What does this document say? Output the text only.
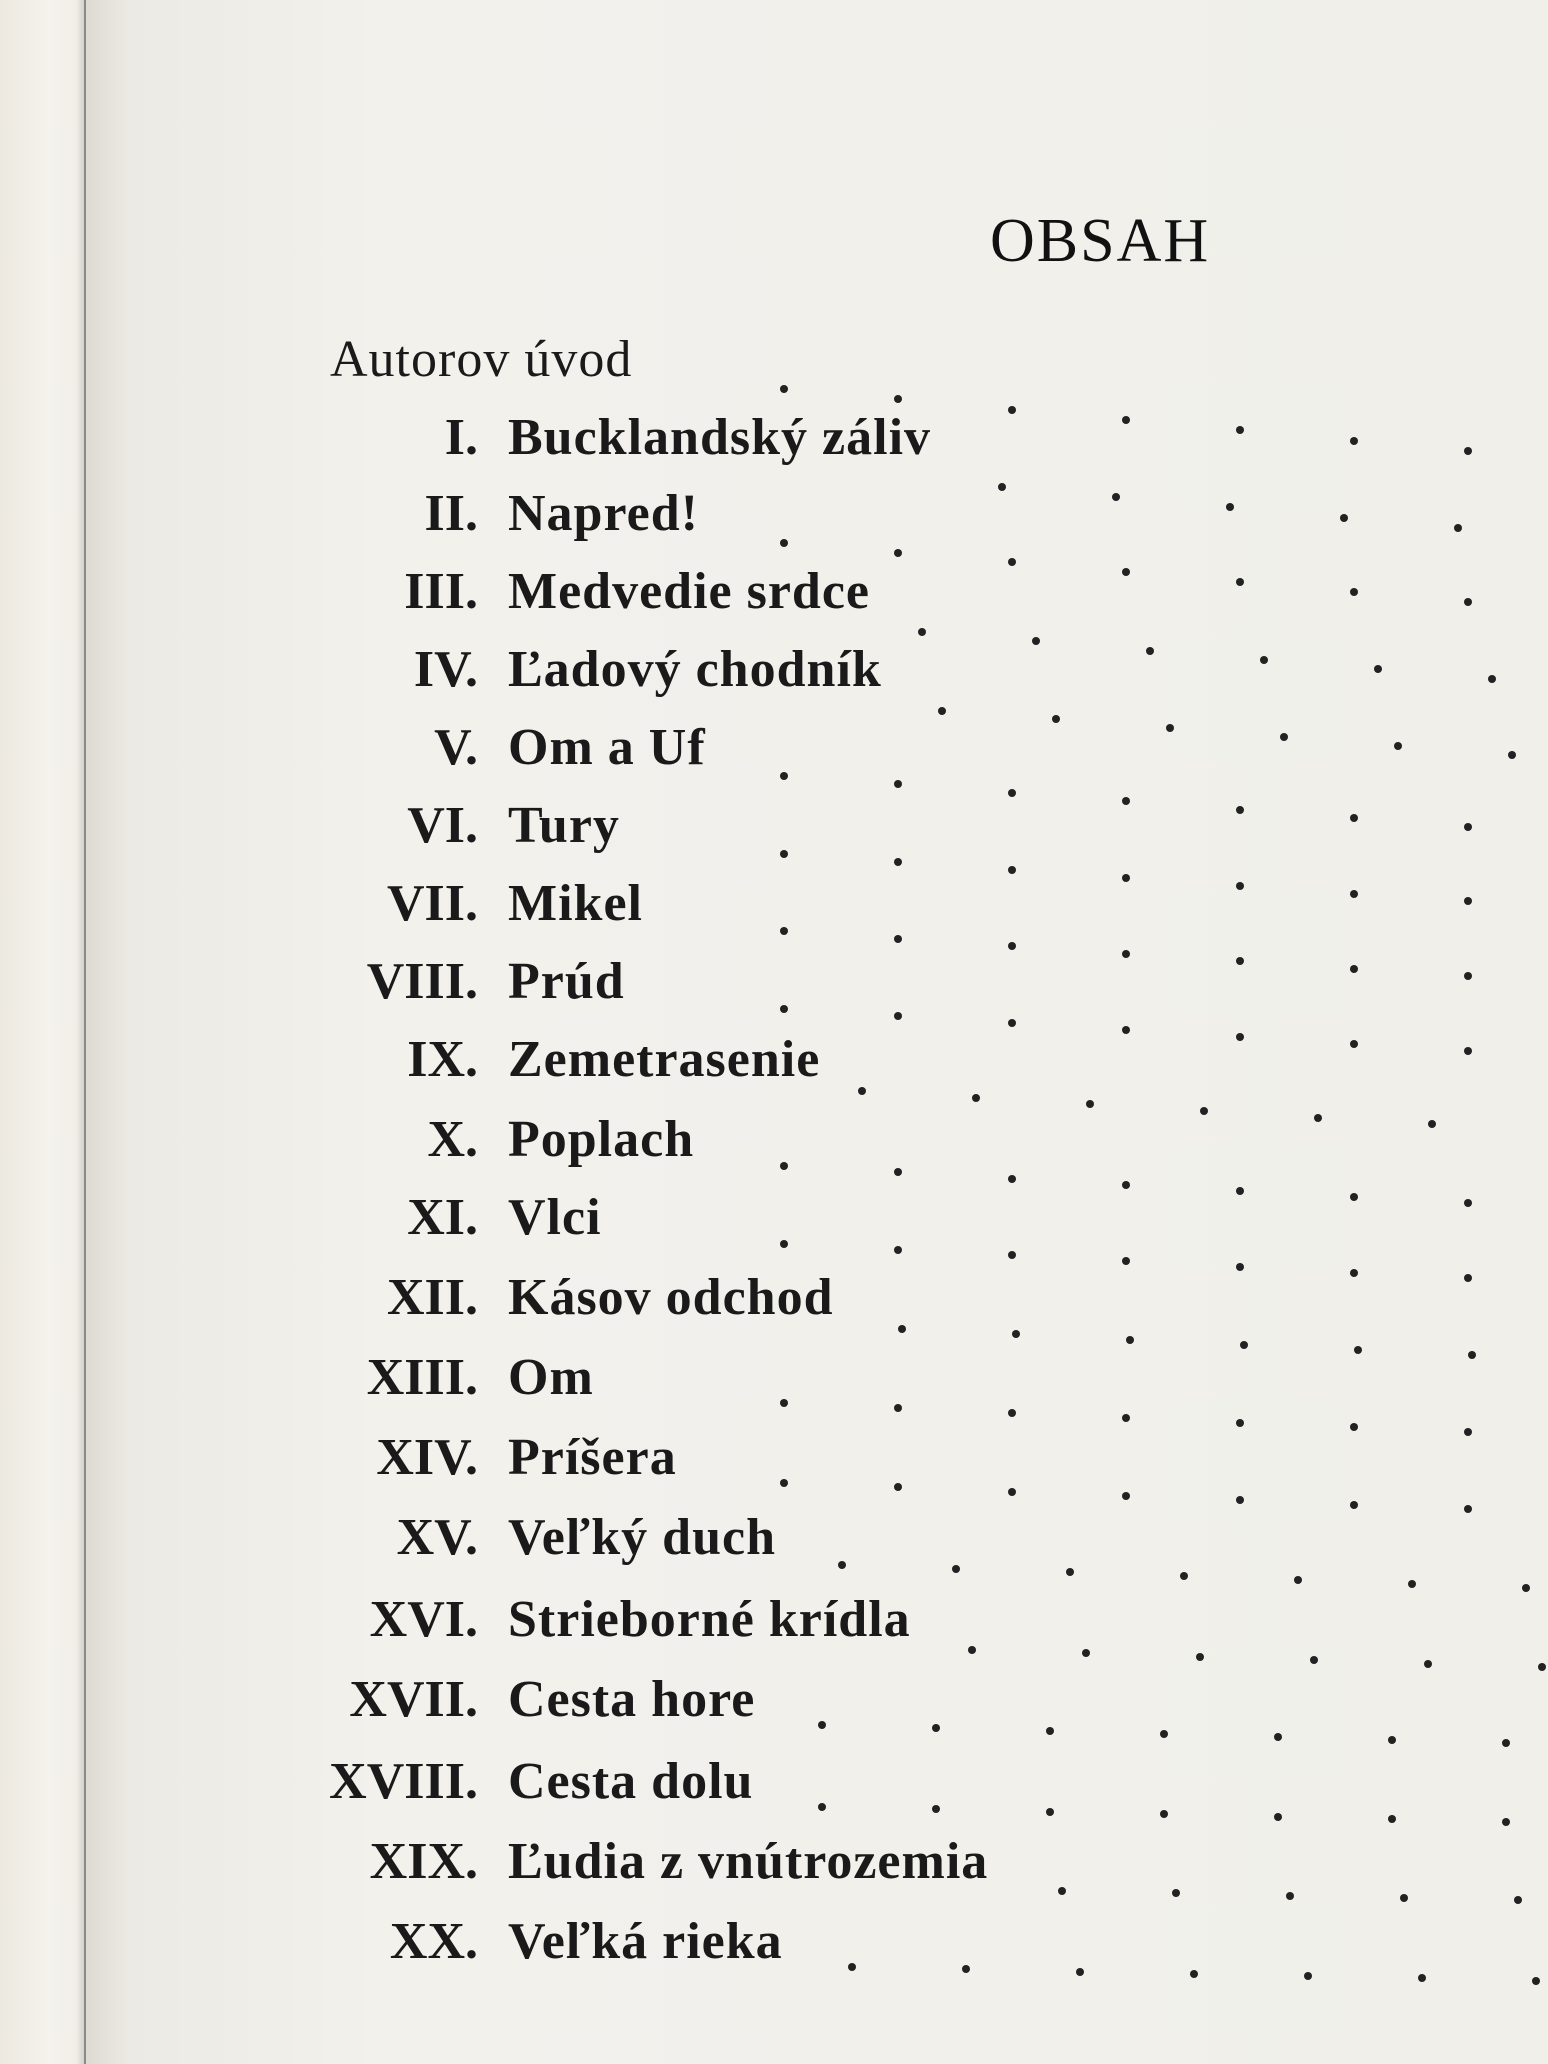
OBSAH
Autorov úvod
I. Bucklandský záliv
II. Napred!
III. Medvedie srdce
IV. Ľadový chodník
V. Om a Uf
VI. Tury
VII. Mikel
VIII. Prúd
IX. Zemetrasenie
X. Poplach
XI. Vlci
XII. Kásov odchod
XIII. Om
XIV. Príšera
XV. Veľký duch
XVI. Strieborné krídla
XVII. Cesta hore
XVIII. Cesta dolu
XIX. Ľudia z vnútrozemia
XX. Veľká rieka
